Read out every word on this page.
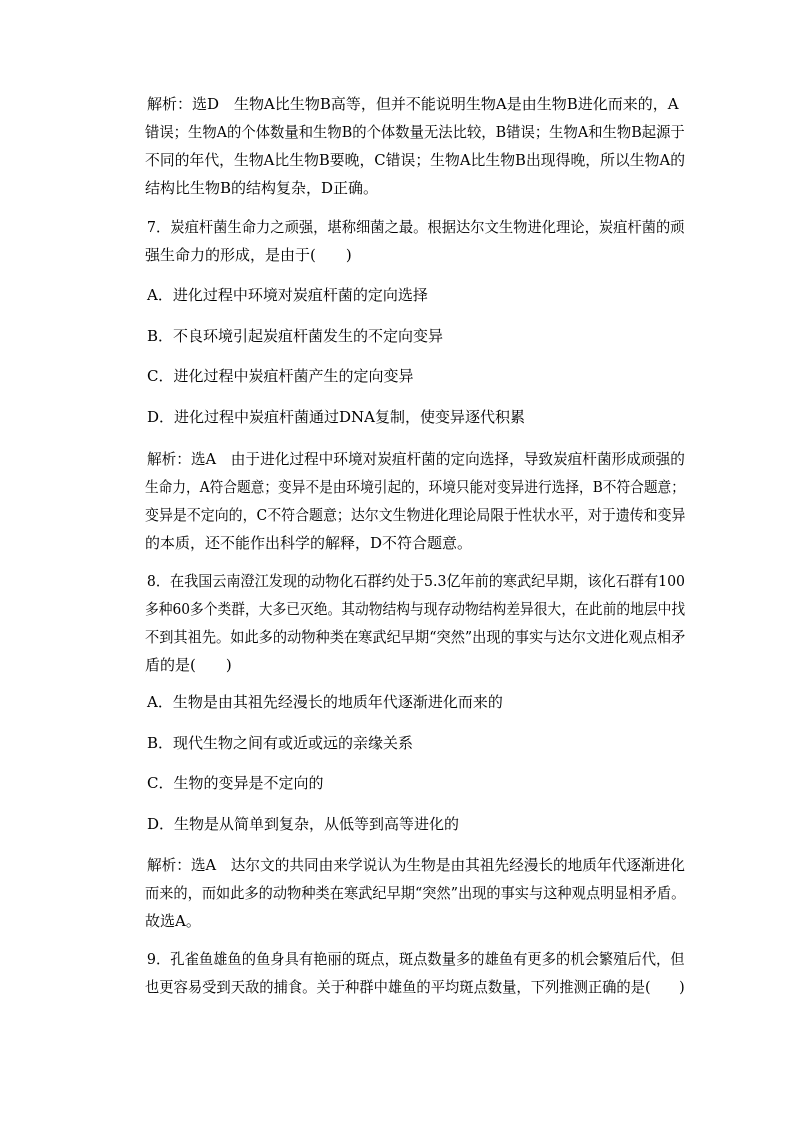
解析：选D　生物A比生物B高等，但并不能说明生物A是由生物B进化而来的，A
错误；生物A的个体数量和生物B的个体数量无法比较，B错误；生物A和生物B起源于
不同的年代，生物A比生物B要晚，C错误；生物A比生物B出现得晚，所以生物A的
结构比生物B的结构复杂，D正确。
7．炭疽杆菌生命力之顽强，堪称细菌之最。根据达尔文生物进化理论，炭疽杆菌的顽
强生命力的形成，是由于(　　)
A．进化过程中环境对炭疽杆菌的定向选择
B．不良环境引起炭疽杆菌发生的不定向变异
C．进化过程中炭疽杆菌产生的定向变异
D．进化过程中炭疽杆菌通过DNA复制，使变异逐代积累
解析：选A　由于进化过程中环境对炭疽杆菌的定向选择，导致炭疽杆菌形成顽强的
生命力，A符合题意；变异不是由环境引起的，环境只能对变异进行选择，B不符合题意；
变异是不定向的，C不符合题意；达尔文生物进化理论局限于性状水平，对于遗传和变异
的本质，还不能作出科学的解释，D不符合题意。
8．在我国云南澄江发现的动物化石群约处于5.3亿年前的寒武纪早期，该化石群有100
多种60多个类群，大多已灭绝。其动物结构与现存动物结构差异很大，在此前的地层中找
不到其祖先。如此多的动物种类在寒武纪早期“突然”出现的事实与达尔文进化观点相矛
盾的是(　　)
A．生物是由其祖先经漫长的地质年代逐渐进化而来的
B．现代生物之间有或近或远的亲缘关系
C．生物的变异是不定向的
D．生物是从简单到复杂，从低等到高等进化的
解析：选A　达尔文的共同由来学说认为生物是由其祖先经漫长的地质年代逐渐进化
而来的，而如此多的动物种类在寒武纪早期“突然”出现的事实与这种观点明显相矛盾。
故选A。
9．孔雀鱼雄鱼的鱼身具有艳丽的斑点，斑点数量多的雄鱼有更多的机会繁殖后代，但
也更容易受到天敌的捕食。关于种群中雄鱼的平均斑点数量，下列推测正确的是(　　)
